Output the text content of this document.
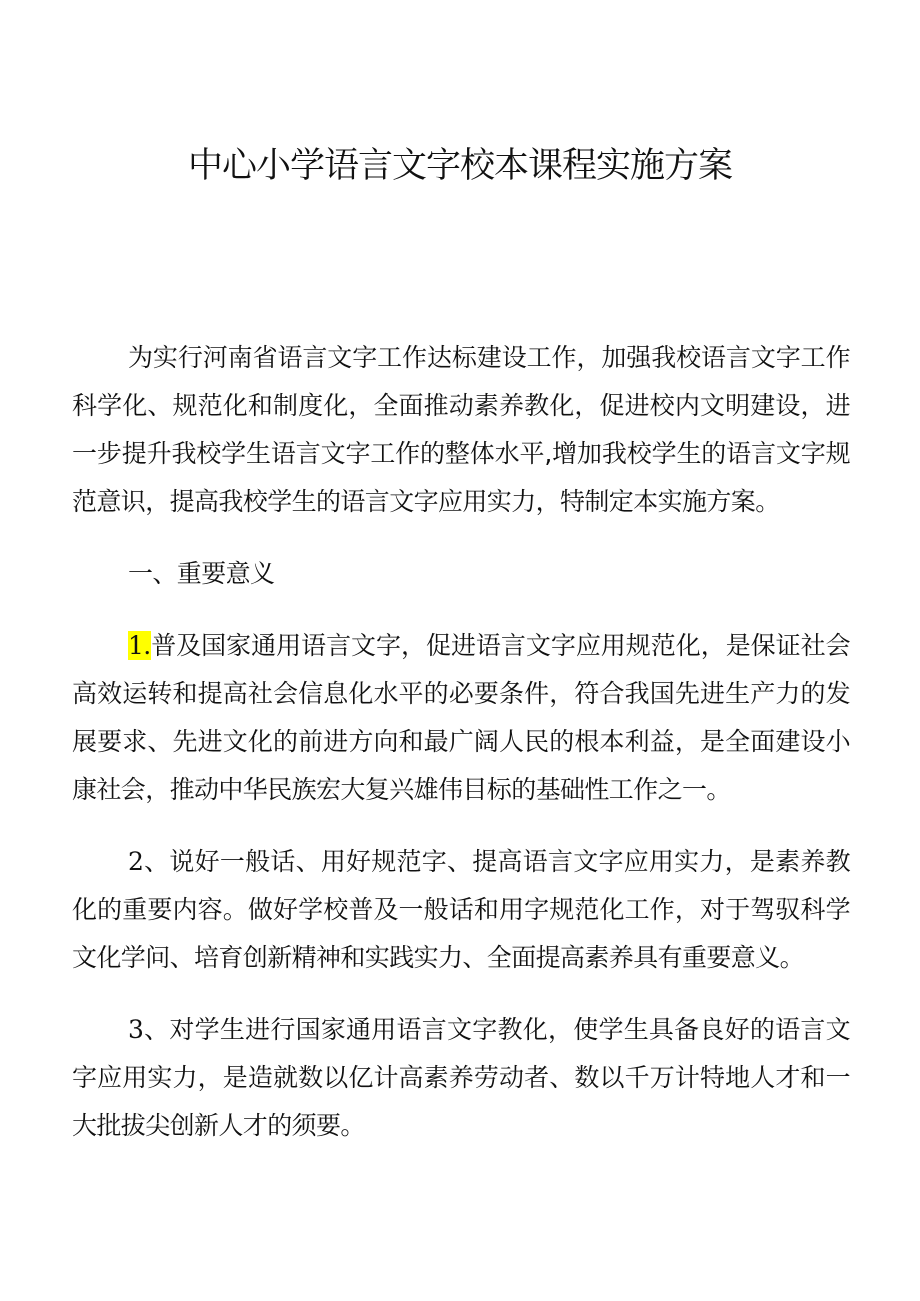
中心小学语言文字校本课程实施方案

为实行河南省语言文字工作达标建设工作，加强我校语言文字工作科学化、规范化和制度化，全面推动素养教化，促进校内文明建设，进一步提升我校学生语言文字工作的整体水平,增加我校学生的语言文字规范意识，提高我校学生的语言文字应用实力，特制定本实施方案。

一、重要意义

1.普及国家通用语言文字，促进语言文字应用规范化，是保证社会高效运转和提高社会信息化水平的必要条件，符合我国先进生产力的发展要求、先进文化的前进方向和最广阔人民的根本利益，是全面建设小康社会，推动中华民族宏大复兴雄伟目标的基础性工作之一。

2、说好一般话、用好规范字、提高语言文字应用实力，是素养教化的重要内容。做好学校普及一般话和用字规范化工作，对于驾驭科学文化学问、培育创新精神和实践实力、全面提高素养具有重要意义。

3、对学生进行国家通用语言文字教化，使学生具备良好的语言文字应用实力，是造就数以亿计高素养劳动者、数以千万计特地人才和一大批拔尖创新人才的须要。
